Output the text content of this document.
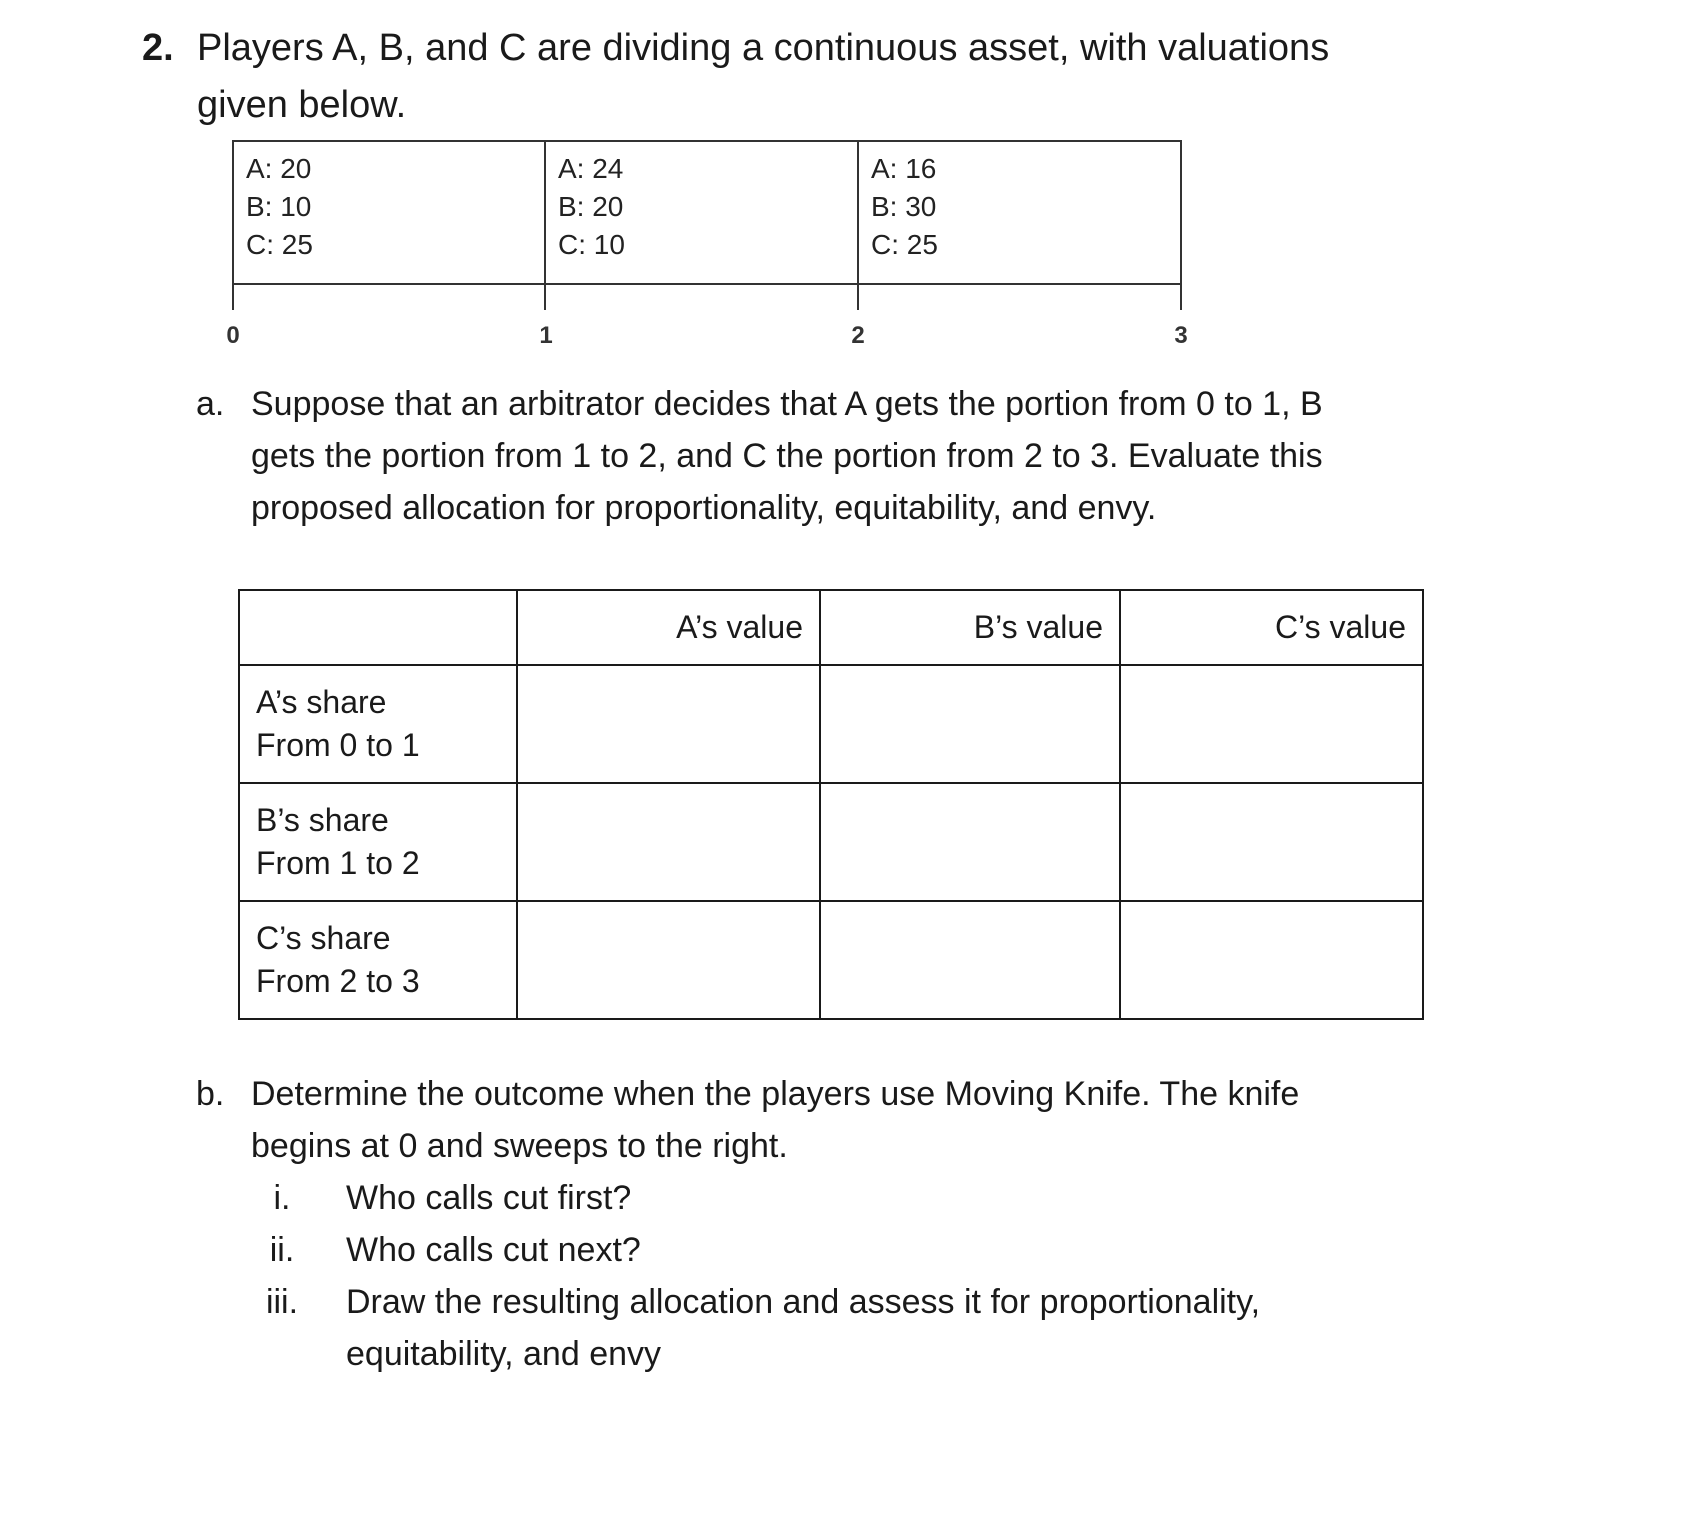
2. Players A, B, and C are dividing a continuous asset, with valuations
given below.
A: 20
B: 10
C: 25
A: 24
B: 20
C: 10
A: 16
B: 30
C: 25
0	1	2	3
a. Suppose that an arbitrator decides that A gets the portion from 0 to 1, B
gets the portion from 1 to 2, and C the portion from 2 to 3. Evaluate this
proposed allocation for proportionality, equitability, and envy.
	A’s value	B’s value	C’s value

A’s share
From 0 to 1			

B’s share
From 1 to 2			

C’s share
From 2 to 3			

b. Determine the outcome when the players use Moving Knife. The knife
begins at 0 and sweeps to the right.
i.	Who calls cut first?
ii. Who calls cut next?
iii. Draw the resulting allocation and assess it for proportionality,
equitability, and envy
